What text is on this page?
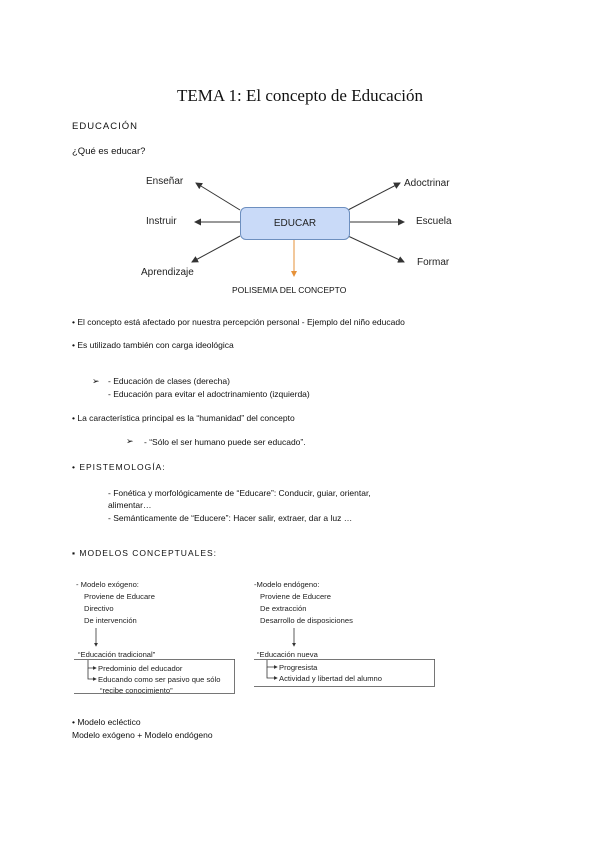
TEMA 1: El concepto de Educación
EDUCACIÓN
¿Qué es educar?
EDUCAR
Enseñar
Instruir
Aprendizaje
Adoctrinar
Escuela
Formar
POLISEMIA DEL CONCEPTO
• El concepto está afectado por nuestra percepción personal - Ejemplo del niño educado
• Es utilizado también con carga ideológica
➢ - Educación de clases (derecha)
- Educación para evitar el adoctrinamiento (izquierda)
• La característica principal es la “humanidad” del concepto
➢ - “Sólo el ser humano puede ser educado”.
• EPISTEMOLOGÍA:
- Fonética y morfológicamente de “Educare”: Conducir, guiar, orientar,
alimentar…
- Semánticamente de “Educere”: Hacer salir, extraer, dar a luz …
▪ MODELOS CONCEPTUALES:
- Modelo exógeno:
Proviene de Educare
Directivo
De intervención
“Educación tradicional”
Predominio del educador
Educando como ser pasivo que sólo
“recibe conocimiento”
-Modelo endógeno:
Proviene de Educere
De extracción
Desarrollo de disposiciones
“Educación nueva
Progresista
Actividad y libertad del alumno
• Modelo ecléctico
Modelo exógeno + Modelo endógeno
